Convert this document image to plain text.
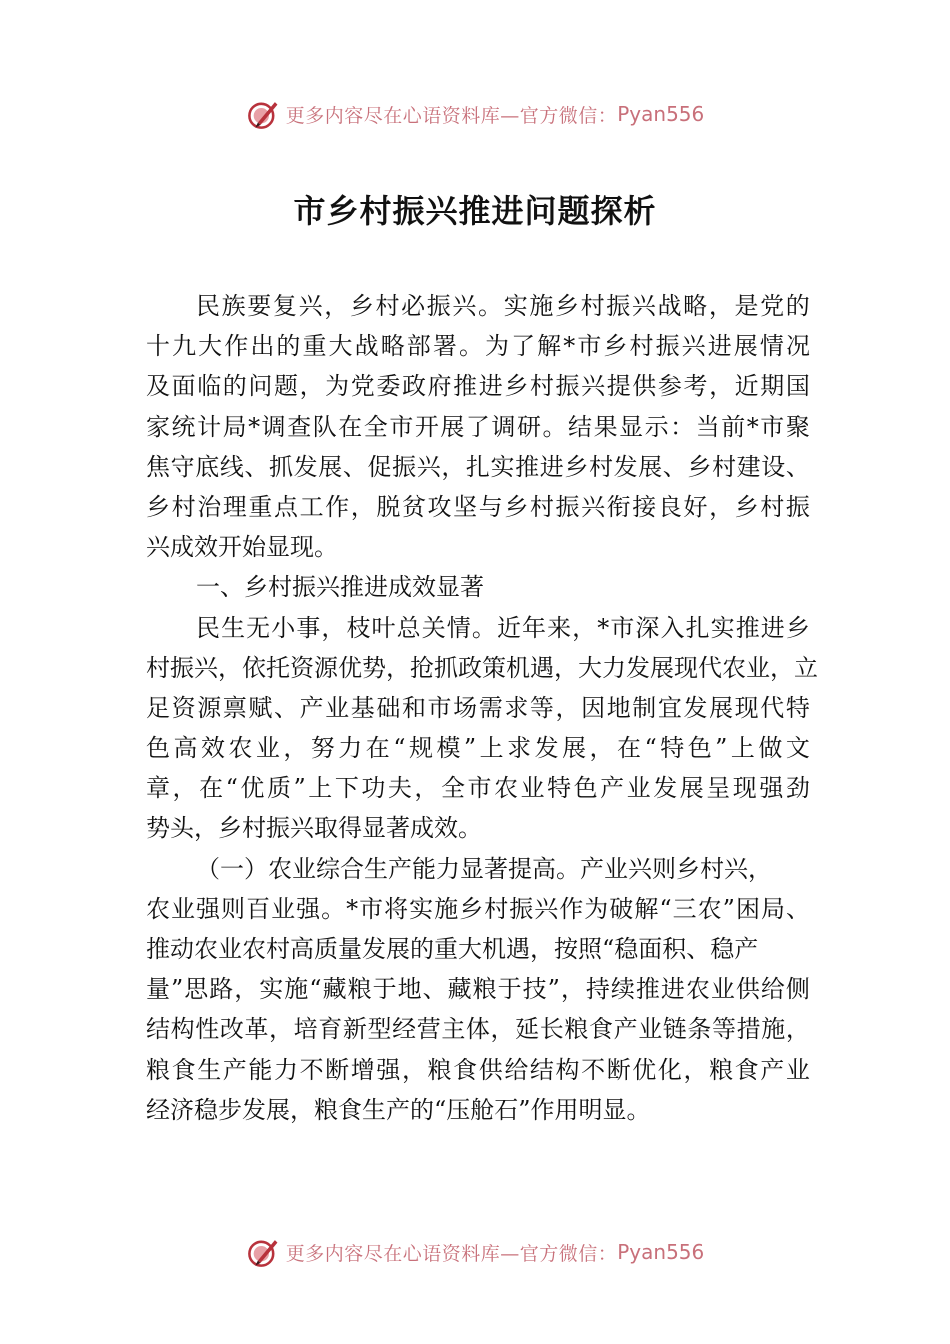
更多内容尽在心语资料库—官方微信： Pyan556
市乡村振兴推进问题探析
民 族 要 复 兴 ， 乡 村 必 振 兴 。 实 施 乡 村 振 兴 战 略 ， 是 党 的
十 九 大 作 出 的 重 大 战 略 部 署 。 为 了 解 * 市 乡 村 振 兴 进 展 情 况
及 面 临 的 问 题 ， 为 党 委 政 府 推 进 乡 村 振 兴 提 供 参 考 ， 近 期 国
家 统 计 局 * 调 查 队 在 全 市 开 展 了 调 研 。 结 果 显 示 ： 当 前 * 市 聚
焦 守 底 线 、 抓 发 展 、 促 振 兴 ， 扎 实 推 进 乡 村 发 展 、 乡 村 建 设 、
乡 村 治 理 重 点 工 作 ， 脱 贫 攻 坚 与 乡 村 振 兴 衔 接 良 好 ， 乡 村 振
兴成效开始显现。
一、乡村振兴推进成效显著
民 生 无 小 事 ， 枝 叶 总 关 情 。 近 年 来 ， * 市 深 入 扎 实 推 进 乡
村 振 兴 ， 依 托 资 源 优 势 ， 抢 抓 政 策 机 遇 ， 大 力 发 展 现 代 农 业 ， 立
足 资 源 禀 赋 、 产 业 基 础 和 市 场 需 求 等 ， 因 地 制 宜 发 展 现 代 特
色 高 效 农 业 ， 努 力 在 “ 规 模 ” 上 求 发 展 ， 在 “ 特 色 ” 上 做 文
章 ， 在 “ 优 质 ” 上 下 功 夫 ， 全 市 农 业 特 色 产 业 发 展 呈 现 强 劲
势头，乡村振兴取得显著成效。
（一）农业综合生产能力显著提高。产业兴则乡村兴，
农 业 强 则 百 业 强 。 * 市 将 实 施 乡 村 振 兴 作 为 破 解 “ 三 农 ” 困 局 、
推动农业农村高质量发展的重大机遇，按照“稳面积、稳产
量 ” 思 路 ， 实 施 “ 藏 粮 于 地 、 藏 粮 于 技 ” ， 持 续 推 进 农 业 供 给 侧
结 构 性 改 革 ， 培 育 新 型 经 营 主 体 ， 延 长 粮 食 产 业 链 条 等 措 施 ，
粮 食 生 产 能 力 不 断 增 强 ， 粮 食 供 给 结 构 不 断 优 化 ， 粮 食 产 业
经济稳步发展，粮食生产的“压舱石”作用明显。
更多内容尽在心语资料库—官方微信： Pyan556
